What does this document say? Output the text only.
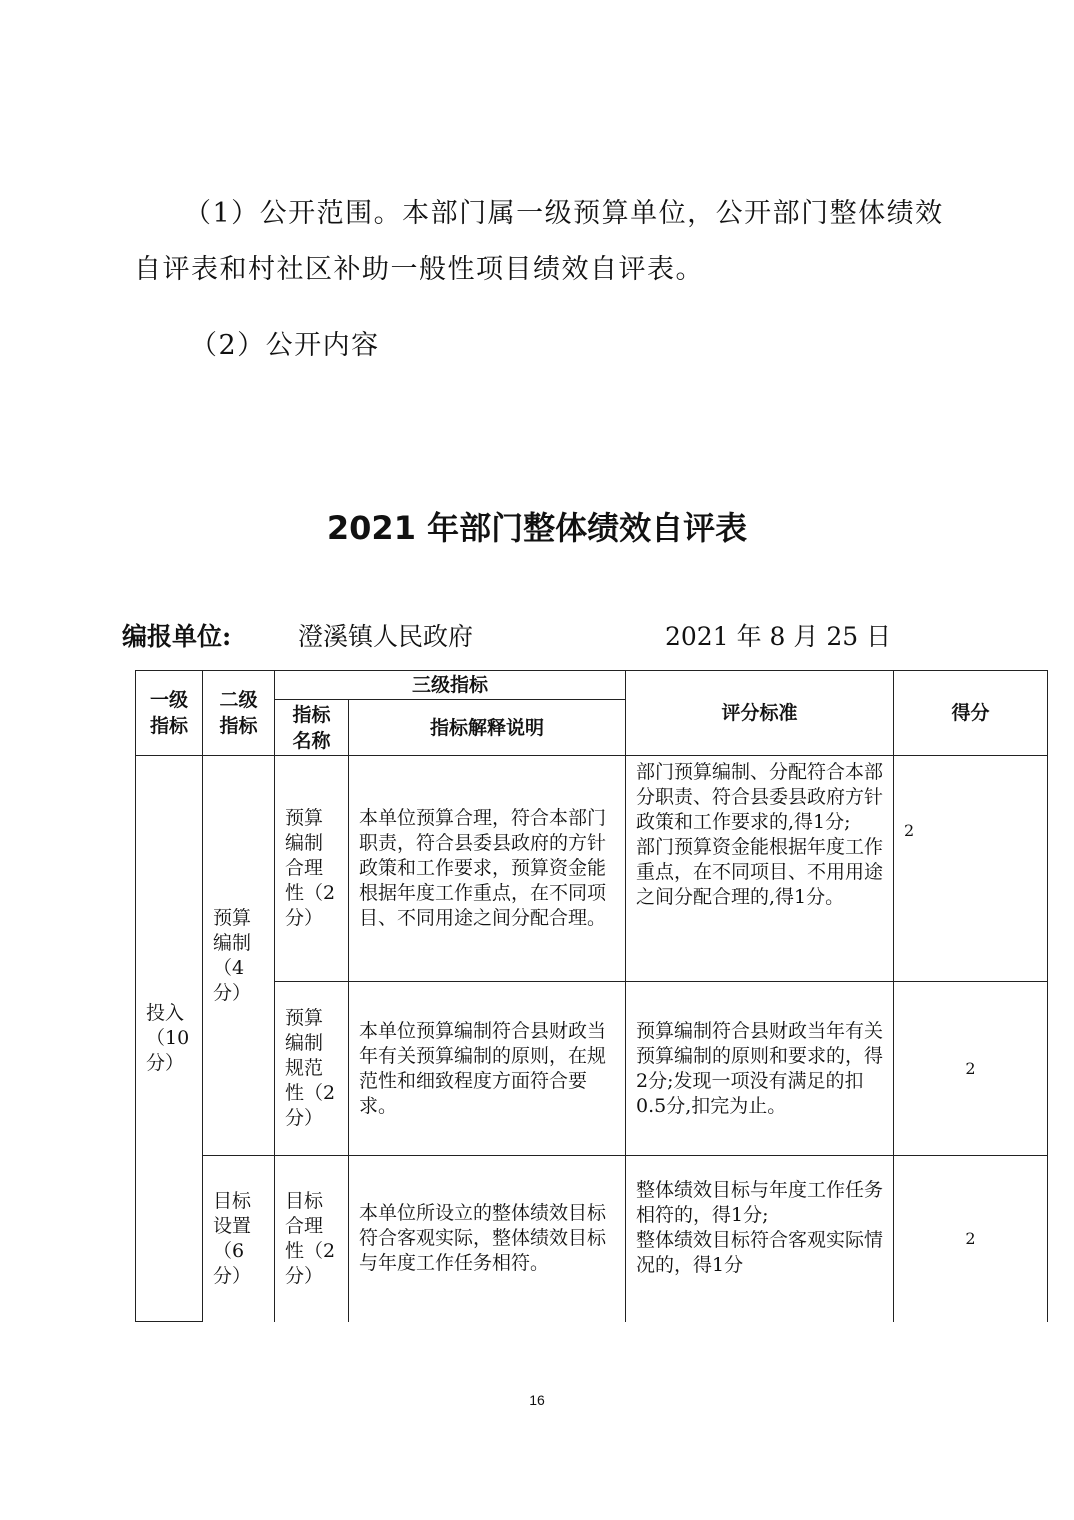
（1）公开范围。本部门属一级预算单位，公开部门整体绩效
自评表和村社区补助一般性项目绩效自评表。

（2）公开内容

2021 年部门整体绩效自评表
编报单位:	澄溪镇人民政府	2021 年 8 月 25 日
一级指标	二级指标	三级指标		评分标准	得分

		指标名称	指标解释说明		

投入（10分）	预算编制（4分）	预算编制合理性（2分）	本单位预算合理，符合本部门职责，符合县委县政府的方针政策和工作要求，预算资金能根据年度工作重点，在不同项目、不同用途之间分配合理。	部门预算编制、分配符合本部分职责、符合县委县政府方针政策和工作要求的,得1分;
部门预算资金能根据年度工作重点，在不同项目、不用用途之间分配合理的,得1分。	2
		预算编制规范性（2分）	本单位预算编制符合县财政当年有关预算编制的原则，在规范性和细致程度方面符合要求。	预算编制符合县财政当年有关预算编制的原则和要求的，得2分;发现一项没有满足的扣0.5分,扣完为止。	2

	目标设置（6分）	目标合理性（2分）	本单位所设立的整体绩效目标符合客观实际，整体绩效目标与年度工作任务相符。	整体绩效目标与年度工作任务相符的，得1分;
整体绩效目标符合客观实际情况的，得1分	2
16
